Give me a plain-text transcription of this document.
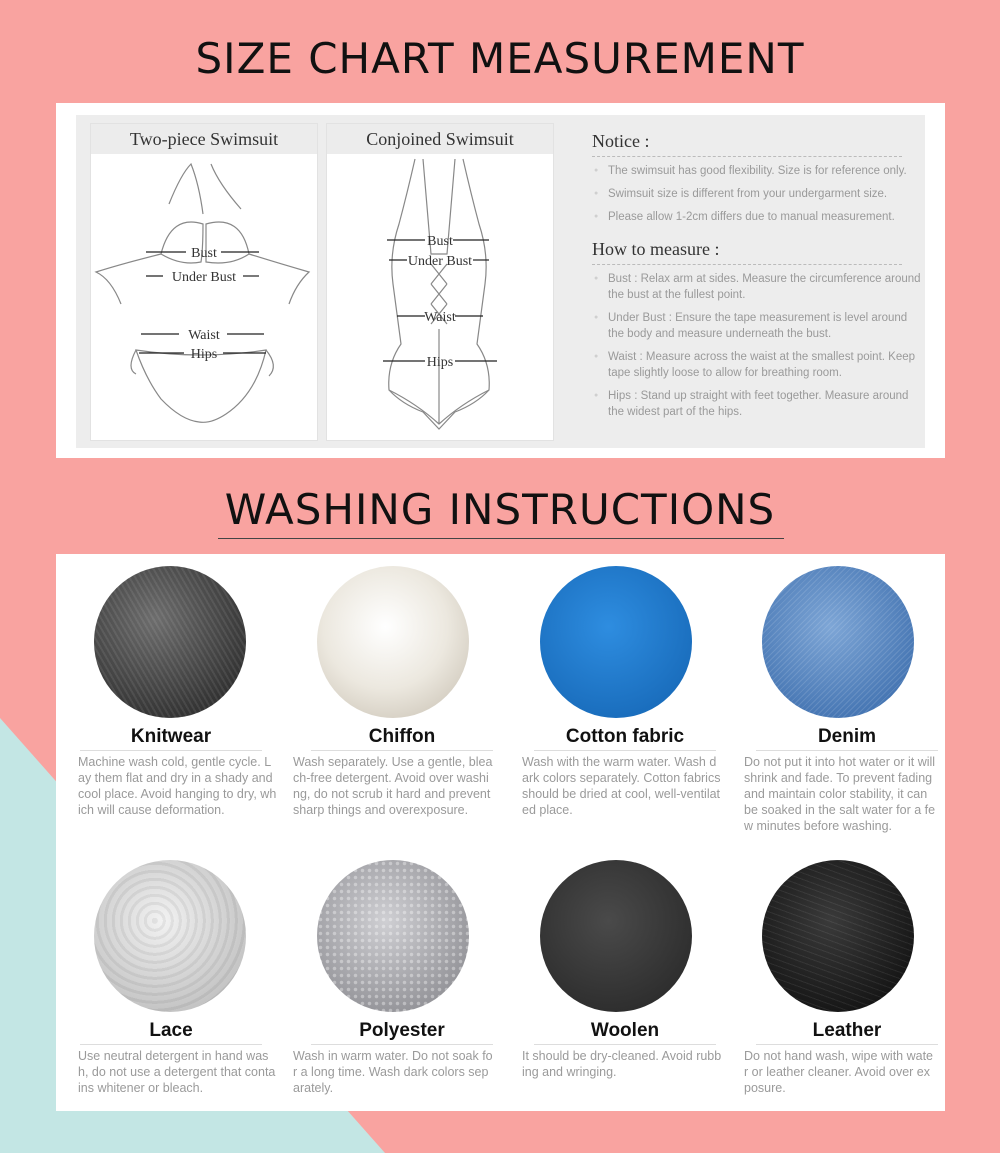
SIZE CHART MEASUREMENT
Two-piece Swimsuit
Bust
Under Bust
Waist
Hips
Conjoined Swimsuit
Bust
Under Bust
Waist
Hips
Notice :
● The swimsuit has good flexibility. Size is for reference only.
● Swimsuit size is different from your undergarment size.
● Please allow 1-2cm differs due to manual measurement.
How to measure :
● Bust : Relax arm at sides. Measure the circumference around the bust at the fullest point.
● Under Bust : Ensure the tape measurement is level around the body and measure underneath the bust.
● Waist : Measure across the waist at the smallest point. Keep tape slightly loose to allow for breathing room.
● Hips : Stand up straight with feet together. Measure around the widest part of the hips.
WASHING INSTRUCTIONS
Knitwear
Machine wash cold, gentle cycle. Lay them flat and dry in a shady and cool place. Avoid hanging to dry, which will cause deformation.
Chiffon
Wash separately. Use a gentle, bleach-free detergent. Avoid over washing, do not scrub it hard and prevent sharp things and overexposure.
Cotton fabric
Wash with the warm water. Wash dark colors separately. Cotton fabrics should be dried at cool, well-ventilated place.
Denim
Do not put it into hot water or it will shrink and fade. To prevent fading and maintain color stability, it can be soaked in the salt water for a few minutes before washing.
Lace
Use neutral detergent in hand wash, do not use a detergent that contains whitener or bleach.
Polyester
Wash in warm water. Do not soak for a long time. Wash dark colors separately.
Woolen
It should be dry-cleaned. Avoid rubbing and wringing.
Leather
Do not hand wash, wipe with water or leather cleaner. Avoid over exposure.
